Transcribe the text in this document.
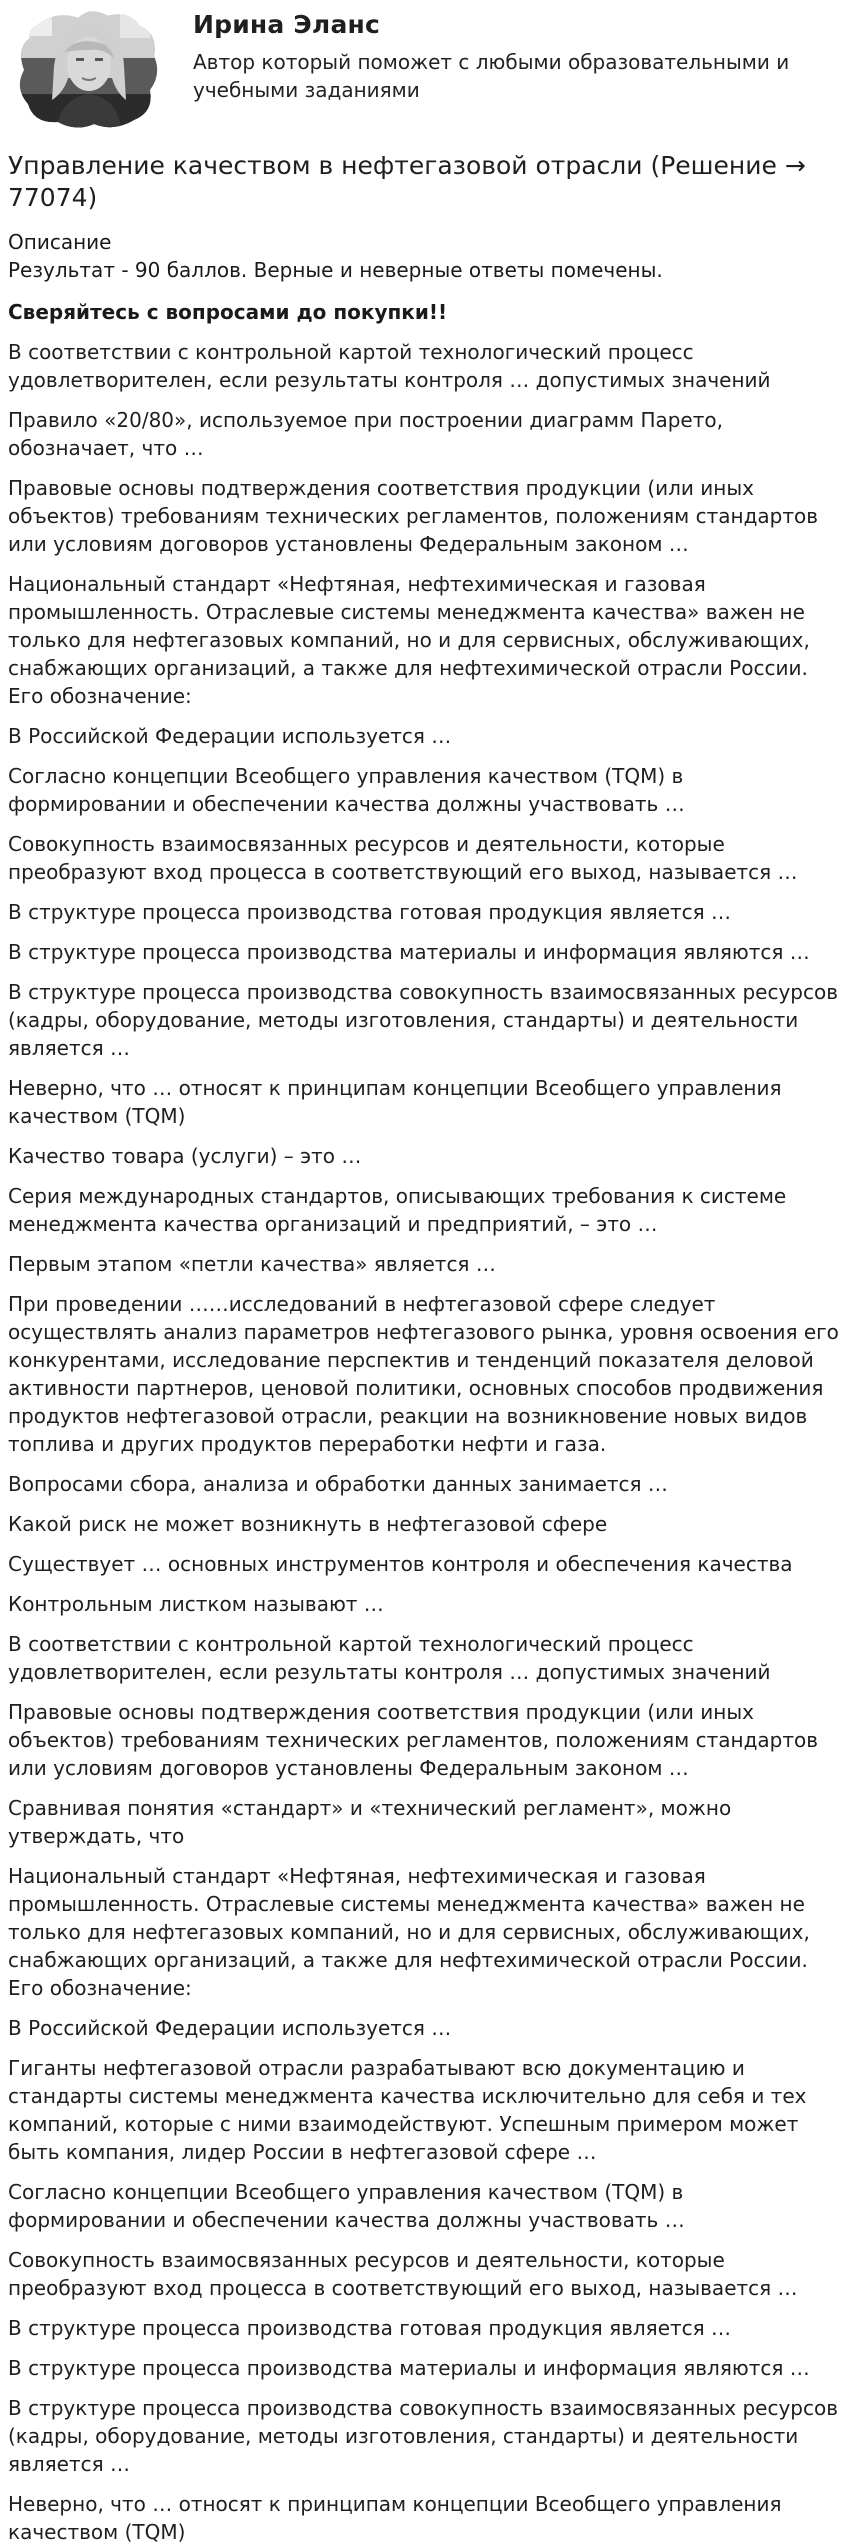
Ирина Эланс
Автор который поможет с любыми образовательными и учебными заданиями
Управление качеством в нефтегазовой отрасли (Решение → 77074)
Описание
Результат - 90 баллов. Верные и неверные ответы помечены.
Сверяйтесь с вопросами до покупки!!
В соответствии с контрольной картой технологический процесс удовлетворителен, если результаты контроля … допустимых значений
Правило «20/80», используемое при построении диаграмм Парето, обозначает, что …
Правовые основы подтверждения соответствия продукции (или иных объектов) требованиям технических регламентов, положениям стандартов или условиям договоров установлены Федеральным законом …
Национальный стандарт «Нефтяная, нефтехимическая и газовая промышленность. Отраслевые системы менеджмента качества» важен не только для нефтегазовых компаний, но и для сервисных, обслуживающих, снабжающих организаций, а также для нефтехимической отрасли России. Его обозначение:
В Российской Федерации используется …
Согласно концепции Всеобщего управления качеством (TQM) в формировании и обеспечении качества должны участвовать …
Совокупность взаимосвязанных ресурсов и деятельности, которые преобразуют вход процесса в соответствующий его выход, называется …
В структуре процесса производства готовая продукция является …
В структуре процесса производства материалы и информация являются …
В структуре процесса производства совокупность взаимосвязанных ресурсов (кадры, оборудование, методы изготовления, стандарты) и деятельности является …
Неверно, что … относят к принципам концепции Всеобщего управления качеством (TQM)
Качество товара (услуги) – это …
Серия международных стандартов, описывающих требования к системе менеджмента качества организаций и предприятий, – это …
Первым этапом «петли качества» является …
При проведении ……исследований в нефтегазовой сфере следует осуществлять анализ параметров нефтегазового рынка, уровня освоения его конкурентами, исследование перспектив и тенденций показателя деловой активности партнеров, ценовой политики, основных способов продвижения продуктов нефтегазовой отрасли, реакции на возникновение новых видов топлива и других продуктов переработки нефти и газа.
Вопросами сбора, анализа и обработки данных занимается …
Какой риск не может возникнуть в нефтегазовой сфере
Существует … основных инструментов контроля и обеспечения качества
Контрольным листком называют …
В соответствии с контрольной картой технологический процесс удовлетворителен, если результаты контроля … допустимых значений
Правовые основы подтверждения соответствия продукции (или иных объектов) требованиям технических регламентов, положениям стандартов или условиям договоров установлены Федеральным законом …
Сравнивая понятия «стандарт» и «технический регламент», можно утверждать, что
Национальный стандарт «Нефтяная, нефтехимическая и газовая промышленность. Отраслевые системы менеджмента качества» важен не только для нефтегазовых компаний, но и для сервисных, обслуживающих, снабжающих организаций, а также для нефтехимической отрасли России. Его обозначение:
В Российской Федерации используется …
Гиганты нефтегазовой отрасли разрабатывают всю документацию и стандарты системы менеджмента качества исключительно для себя и тех компаний, которые с ними взаимодействуют. Успешным примером может быть компания, лидер России в нефтегазовой сфере …
Согласно концепции Всеобщего управления качеством (TQM) в формировании и обеспечении качества должны участвовать …
Совокупность взаимосвязанных ресурсов и деятельности, которые преобразуют вход процесса в соответствующий его выход, называется …
В структуре процесса производства готовая продукция является …
В структуре процесса производства материалы и информация являются …
В структуре процесса производства совокупность взаимосвязанных ресурсов (кадры, оборудование, методы изготовления, стандарты) и деятельности является …
Неверно, что … относят к принципам концепции Всеобщего управления качеством (TQM)
